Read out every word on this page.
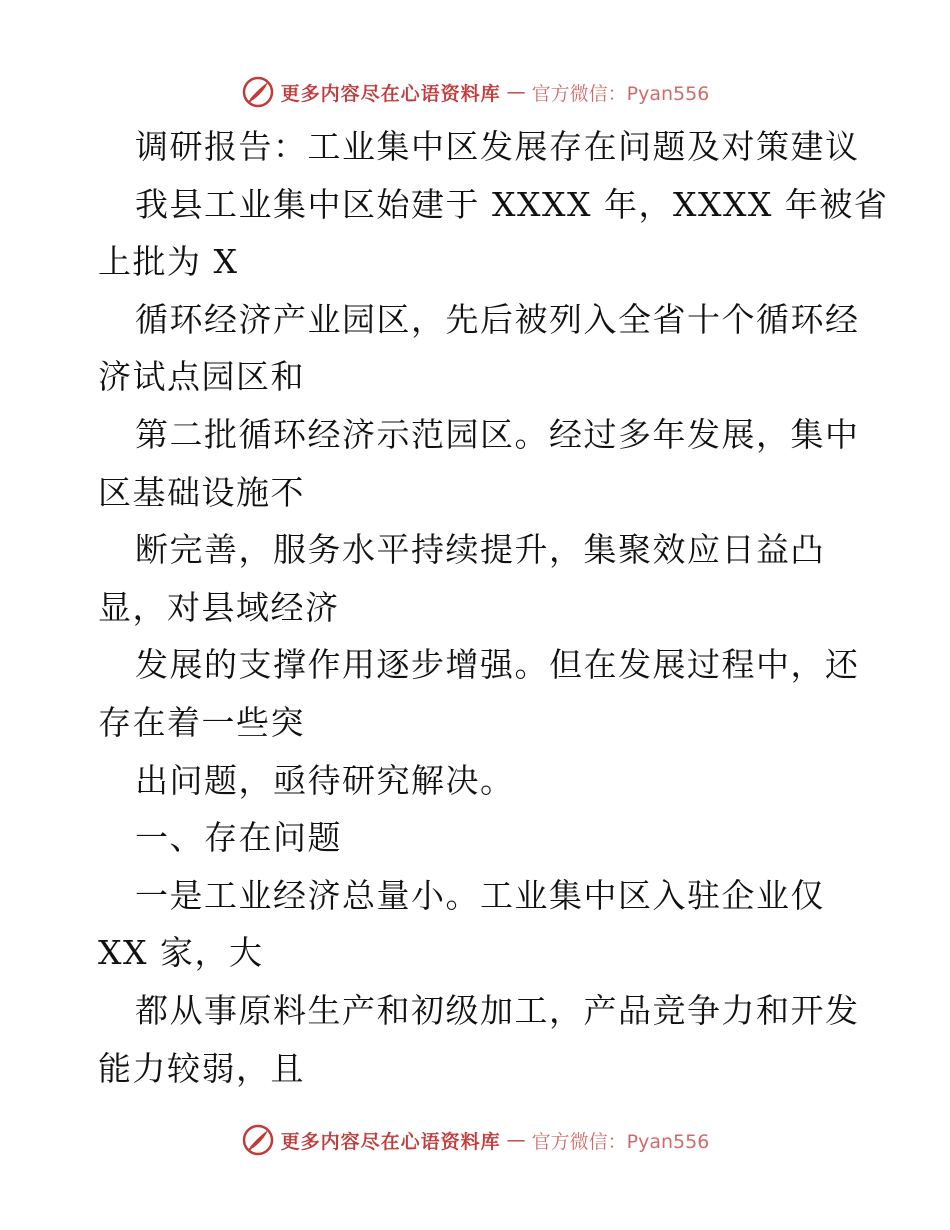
更多内容尽在心语资料库 — 官方微信：Pyan556
调研报告：工业集中区发展存在问题及对策建议
我县工业集中区始建于 XXXX 年，XXXX 年被省
上批为 X
循环经济产业园区，先后被列入全省十个循环经
济试点园区和
第二批循环经济示范园区。经过多年发展，集中
区基础设施不
断完善，服务水平持续提升，集聚效应日益凸
显，对县域经济
发展的支撑作用逐步增强。但在发展过程中，还
存在着一些突
出问题，亟待研究解决。
一、存在问题
一是工业经济总量小。工业集中区入驻企业仅
XX 家，大
都从事原料生产和初级加工，产品竞争力和开发
能力较弱，且
更多内容尽在心语资料库 — 官方微信：Pyan556
